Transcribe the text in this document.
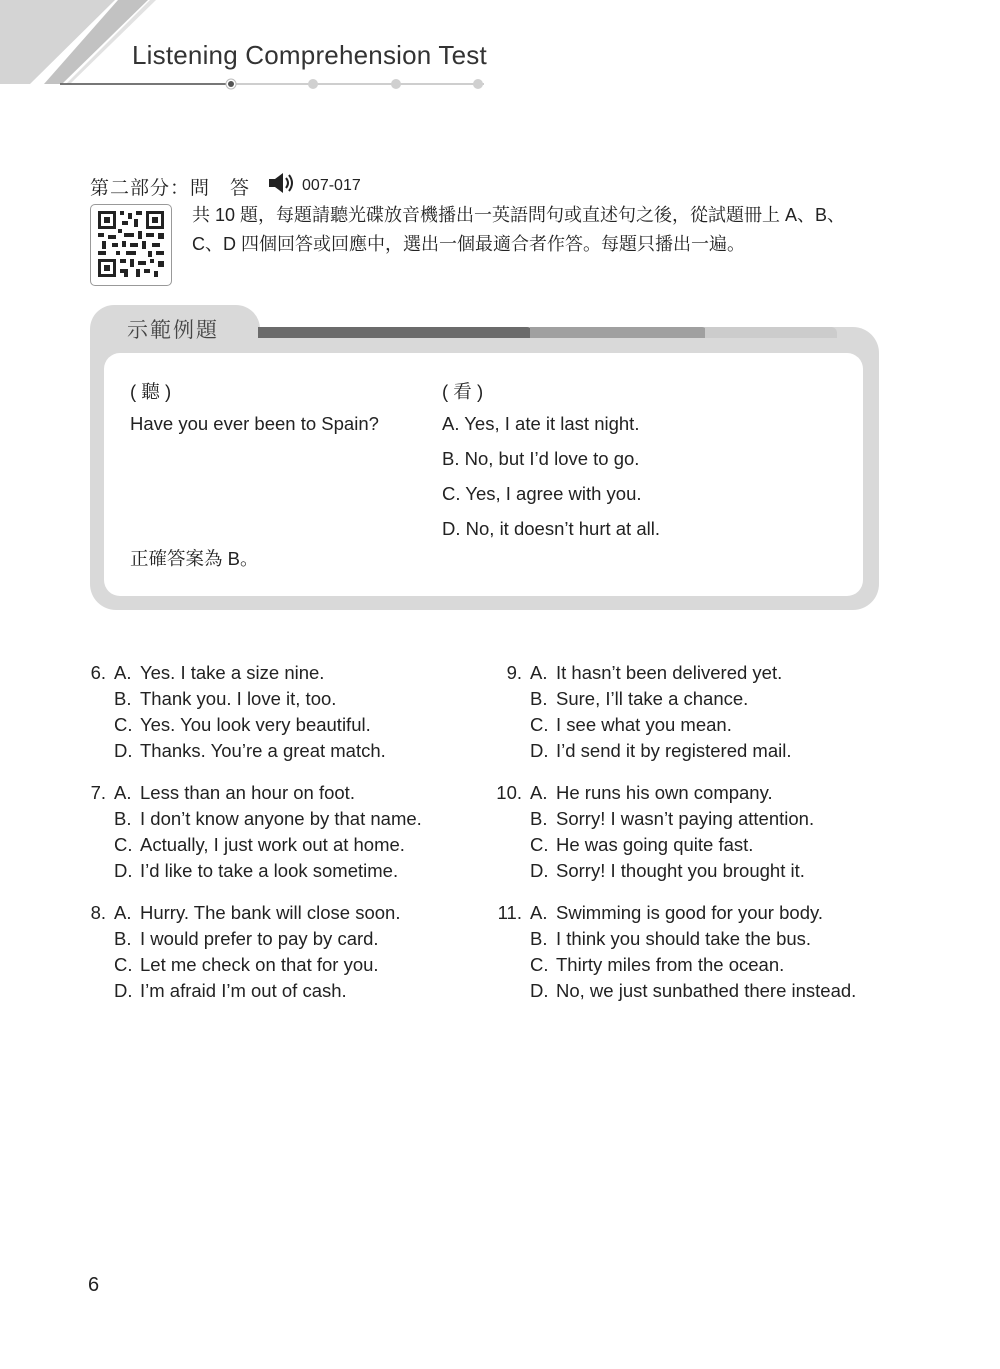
Listening Comprehension Test
第二部分：問　答	007-017
共 10 題，每題請聽光碟放音機播出一英語問句或直述句之後，從試題冊上 A、B、
C、D 四個回答或回應中，選出一個最適合者作答。每題只播出一遍。
示範例題
( 聽 )	( 看 )
Have you ever been to Spain?	A. Yes, I ate it last night.
B. No, but I’d love to go.
C. Yes, I agree with you.
D. No, it doesn’t hurt at all.
正確答案為 B。
6. A. Yes. I take a size nine.
B. Thank you. I love it, too.
C. Yes. You look very beautiful.
D. Thanks. You’re a great match.
7. A. Less than an hour on foot.
B. I don’t know anyone by that name.
C. Actually, I just work out at home.
D. I’d like to take a look sometime.
8. A. Hurry. The bank will close soon.
B. I would prefer to pay by card.
C. Let me check on that for you.
D. I’m afraid I’m out of cash.
9. A. It hasn’t been delivered yet.
B. Sure, I’ll take a chance.
C. I see what you mean.
D. I’d send it by registered mail.
10. A. He runs his own company.
B. Sorry! I wasn’t paying attention.
C. He was going quite fast.
D. Sorry! I thought you brought it.
11. A. Swimming is good for your body.
B. I think you should take the bus.
C. Thirty miles from the ocean.
D. No, we just sunbathed there instead.
6
